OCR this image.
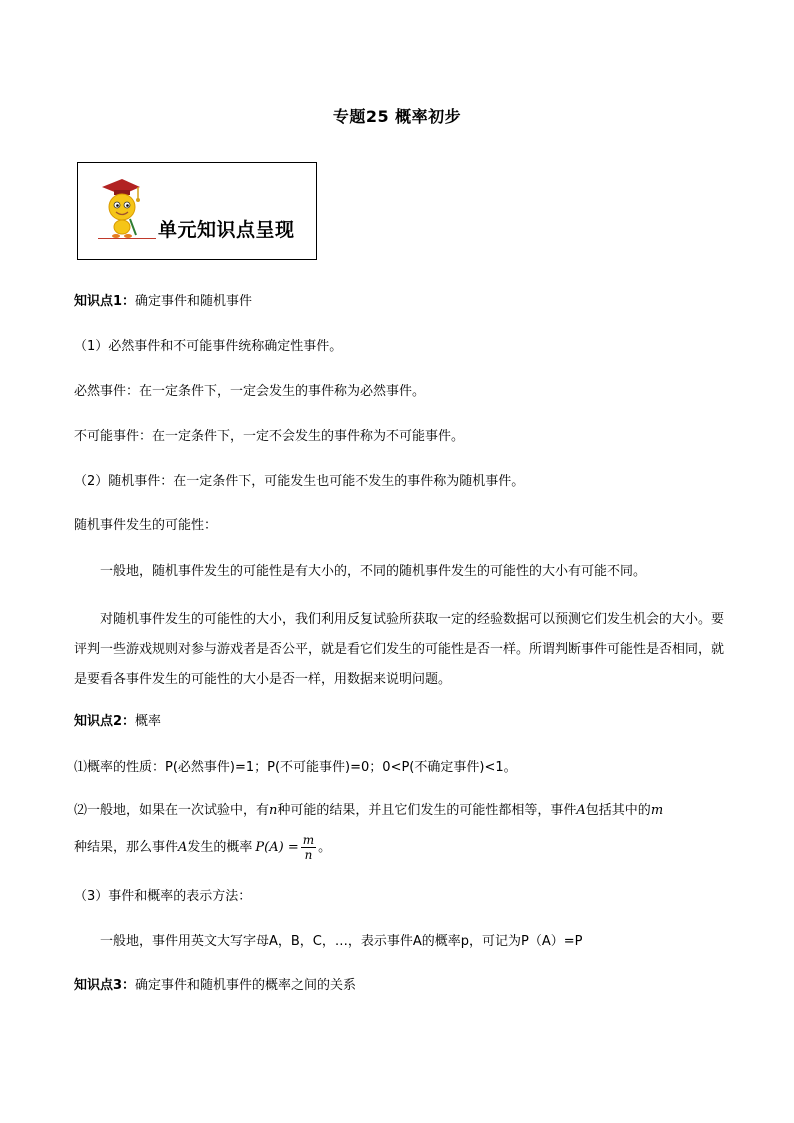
专题25 概率初步
单元知识点呈现
知识点1：确定事件和随机事件
（1）必然事件和不可能事件统称确定性事件。
必然事件：在一定条件下，一定会发生的事件称为必然事件。
不可能事件：在一定条件下，一定不会发生的事件称为不可能事件。
（2）随机事件：在一定条件下，可能发生也可能不发生的事件称为随机事件。
随机事件发生的可能性：
一般地，随机事件发生的可能性是有大小的，不同的随机事件发生的可能性的大小有可能不同。
对随机事件发生的可能性的大小，我们利用反复试验所获取一定的经验数据可以预测它们发生机会的大小。要评判一些游戏规则对参与游戏者是否公平，就是看它们发生的可能性是否一样。所谓判断事件可能性是否相同，就是要看各事件发生的可能性的大小是否一样，用数据来说明问题。
知识点2：概率
⑴概率的性质：P(必然事件)=1；P(不可能事件)=0；0<P(不确定事件)<1。
⑵一般地，如果在一次试验中，有n种可能的结果，并且它们发生的可能性都相等，事件A包括其中的m
种结果，那么事件A发生的概率 $P(A) = \frac{m}{n}$ 。
（3）事件和概率的表示方法：
一般地，事件用英文大写字母A，B，C，…，表示事件A的概率p，可记为P（A）=P
知识点3：确定事件和随机事件的概率之间的关系
